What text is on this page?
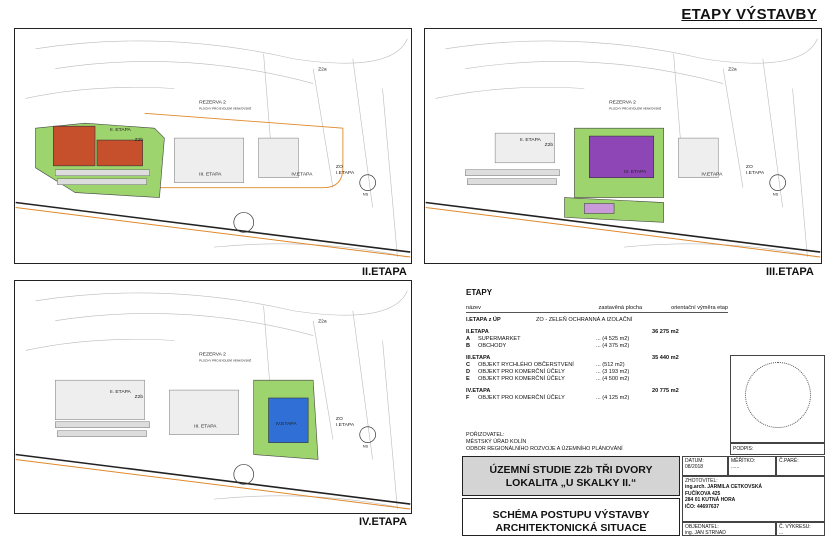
ETAPY VÝSTAVBY
II. ETAPA
Z2b
Z2a
III. ETAPA	IV.ETAPA
REZERVA 2
PLOCHY PRO BYDLENÍ VENKOVSKÉ
ZO
I.ETAPA
NS
II.ETAPA
II. ETAPA
Z2b
Z2a
III. ETAPA
IV.ETAPA
REZERVA 2
PLOCHY PRO BYDLENÍ VENKOVSKÉ
ZO
I.ETAPA
NS
III.ETAPA
II. ETAPA
Z2b
Z2a
III. ETAPA
IV.ETAPA
REZERVA 2
PLOCHY PRO BYDLENÍ VENKOVSKÉ
ZO
I.ETAPA
NS
IV.ETAPA
ETAPY
název	zastavěná plocha	orientační výměra etap
I.ETAPA z ÚP	ZO - ZELEŇ OCHRANNÁ A IZOLAČNÍ
II.ETAPA	36 275 m2
A	SUPERMARKET	... (4 525 m2)
B	OBCHODY	... (4 375 m2)
III.ETAPA	35 440 m2
C	OBJEKT RYCHLÉHO OBČERSTVENÍ	... (512 m2)
D	OBJEKT PRO KOMERČNÍ ÚČELY	... (3 193 m2)
E	OBJEKT PRO KOMERČNÍ ÚČELY	... (4 500 m2)
IV.ETAPA	20 775 m2
F	OBJEKT PRO KOMERČNÍ ÚČELY	... (4 125 m2)
POŘIZOVATEL:
MĚSTSKÝ ÚŘAD KOLÍN
ODBOR REGIONÁLNÍHO ROZVOJE A ÚZEMNÍHO PLÁNOVÁNÍ	PODPIS:
ÚZEMNÍ STUDIE Z2b TŘI DVORY
LOKALITA „U SKALKY II.“
SCHÉMA POSTUPU VÝSTAVBY
ARCHITEKTONICKÁ SITUACE
DATUM:
08/2018
MĚŘÍTKO:
......
Č.PARÉ:
ZHOTOVITEL:
ing.arch. JARMILA CETKOVSKÁ
FUČÍKOVA 425
284 01 KUTNÁ HORA
IČO: 44697637
OBJEDNATEL:
ing. JAN STRNAD
Č. VÝKRESU:
...
